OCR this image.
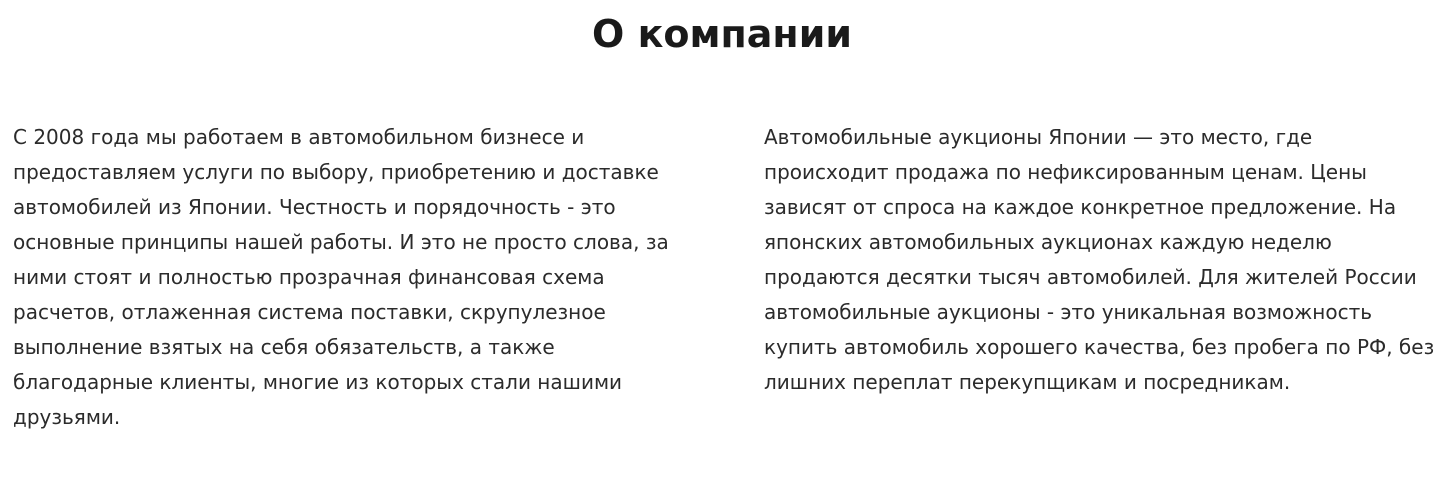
О компании

С 2008 года мы работаем в автомобильном бизнесе и
предоставляем услуги по выбору, приобретению и доставке
автомобилей из Японии. Честность и порядочность - это
основные принципы нашей работы. И это не просто слова, за
ними стоят и полностью прозрачная финансовая схема
расчетов, отлаженная система поставки, скрупулезное
выполнение взятых на себя обязательств, а также
благодарные клиенты, многие из которых стали нашими
друзьями.

Автомобильные аукционы Японии — это место, где
происходит продажа по нефиксированным ценам. Цены
зависят от спроса на каждое конкретное предложение. На
японских автомобильных аукционах каждую неделю
продаются десятки тысяч автомобилей. Для жителей России
автомобильные аукционы - это уникальная возможность
купить автомобиль хорошего качества, без пробега по РФ, без
лишних переплат перекупщикам и посредникам.
